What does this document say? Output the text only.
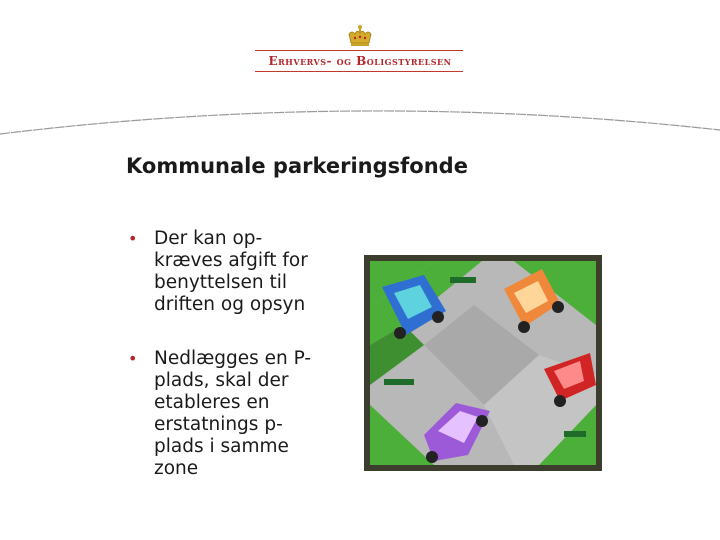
Erhvervs- og Boligstyrelsen
Kommunale parkeringsfonde
• Der kan op-
kræves afgift for
benyttelsen til
driften og opsyn
• Nedlægges en P-
plads, skal der
etableres en
erstatnings p-
plads i samme
zone
